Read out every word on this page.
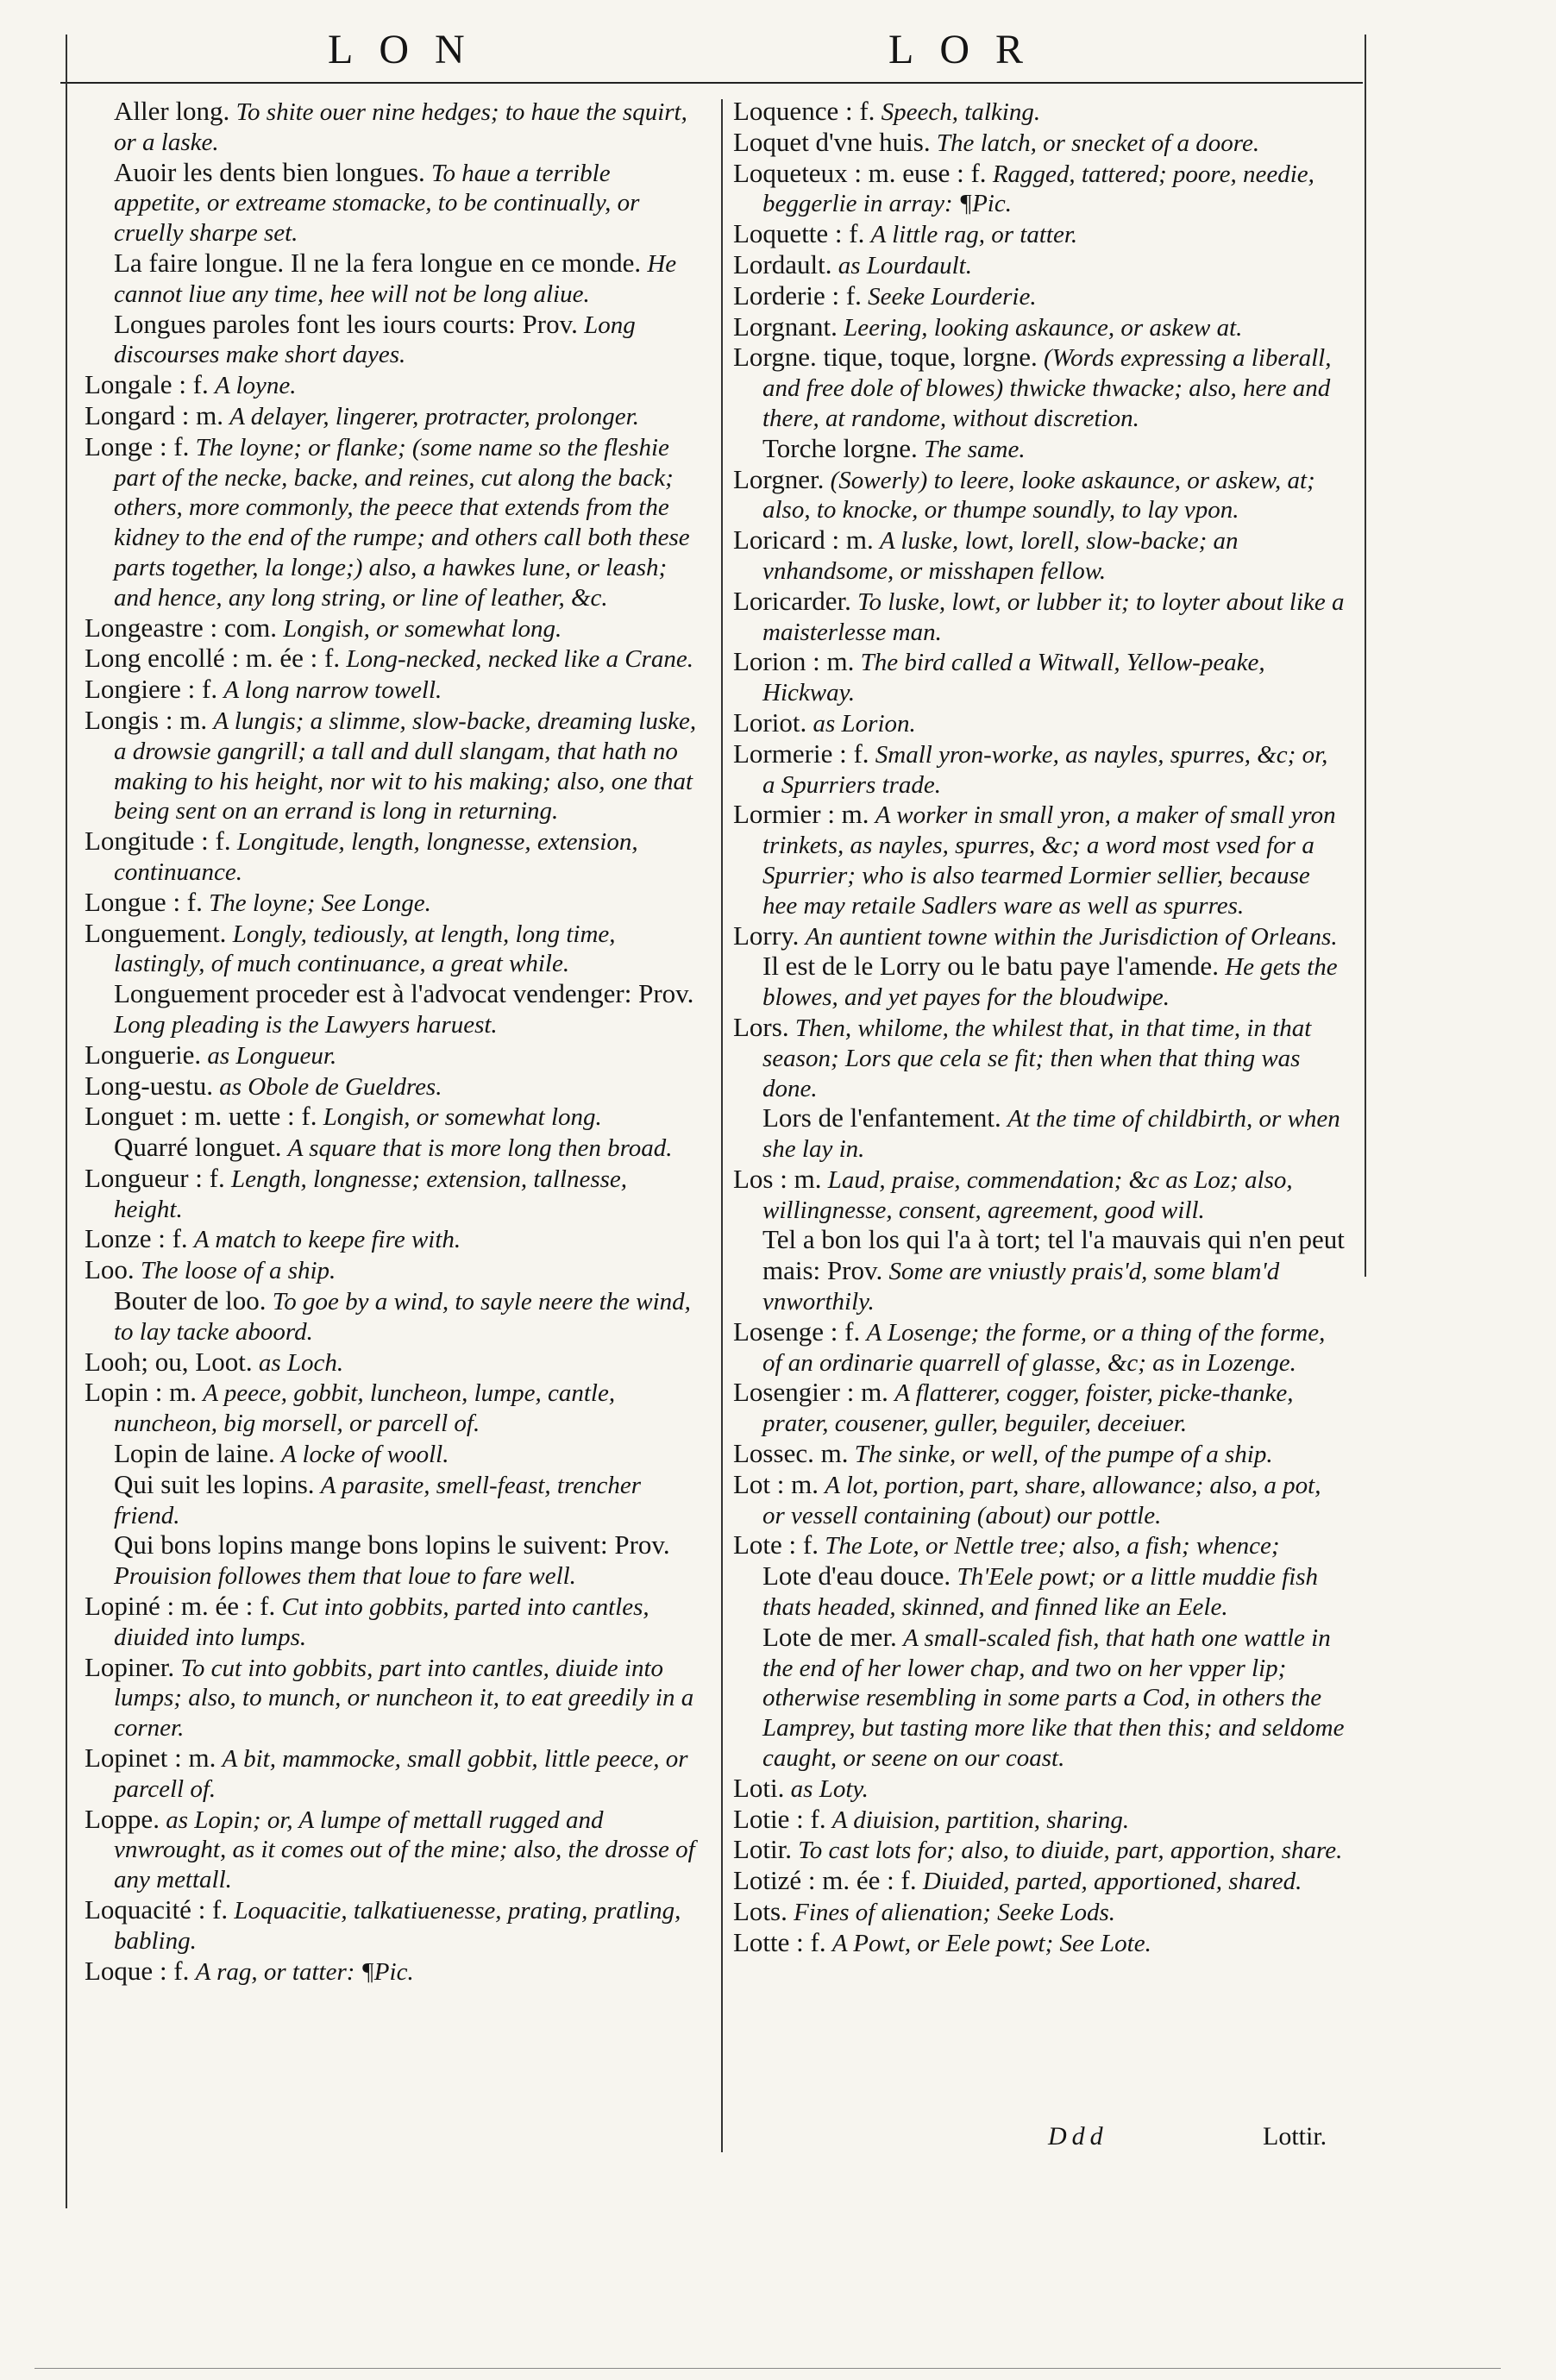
LON	LOR

Aller long. To shite ouer nine hedges; to haue the squirt, or a laske.

Auoir les dents bien longues. To haue a terrible appetite, or extreame stomacke, to be continually, or cruelly sharpe set.

La faire longue. Il ne la fera longue en ce monde. He cannot liue any time, hee will not be long aliue.

Longues paroles font les iours courts: Prov. Long discourses make short dayes.

Longale : f. A loyne.

Longard : m. A delayer, lingerer, protracter, prolonger.

Longe : f. The loyne; or flanke; (some name so the fleshie part of the necke, backe, and reines, cut along the back; others, more commonly, the peece that extends from the kidney to the end of the rumpe; and others call both these parts together, la longe;) also, a hawkes lune, or leash; and hence, any long string, or line of leather, &c.

Longeastre : com. Longish, or somewhat long.

Long encollé : m. ée : f. Long-necked, necked like a Crane.

Longiere : f. A long narrow towell.

Longis : m. A lungis; a slimme, slow-backe, dreaming luske, a drowsie gangrill; a tall and dull slangam, that hath no making to his height, nor wit to his making; also, one that being sent on an errand is long in returning.

Longitude : f. Longitude, length, longnesse, extension, continuance.

Longue : f. The loyne; See Longe.

Longuement. Longly, tediously, at length, long time, lastingly, of much continuance, a great while.

Longuement proceder est à l'advocat vendenger: Prov. Long pleading is the Lawyers haruest.

Longuerie. as Longueur.

Long-uestu. as Obole de Gueldres.

Longuet : m. uette : f. Longish, or somewhat long.

Quarré longuet. A square that is more long then broad.

Longueur : f. Length, longnesse; extension, tallnesse, height.

Lonze : f. A match to keepe fire with.

Loo. The loose of a ship.

Bouter de loo. To goe by a wind, to sayle neere the wind, to lay tacke aboord.

Looh; ou, Loot. as Loch.

Lopin : m. A peece, gobbit, luncheon, lumpe, cantle, nuncheon, big morsell, or parcell of.

Lopin de laine. A locke of wooll.

Qui suit les lopins. A parasite, smell-feast, trencher friend.

Qui bons lopins mange bons lopins le suivent: Prov. Prouision followes them that loue to fare well.

Lopiné : m. ée : f. Cut into gobbits, parted into cantles, diuided into lumps.

Lopiner. To cut into gobbits, part into cantles, diuide into lumps; also, to munch, or nuncheon it, to eat greedily in a corner.

Lopinet : m. A bit, mammocke, small gobbit, little peece, or parcell of.

Loppe. as Lopin; or, A lumpe of mettall rugged and vnwrought, as it comes out of the mine; also, the drosse of any mettall.

Loquacité : f. Loquacitie, talkatiuenesse, prating, pratling, babling.

Loque : f. A rag, or tatter: ¶Pic.

Loquence : f. Speech, talking.

Loquet d'vne huis. The latch, or snecket of a doore.

Loqueteux : m. euse : f. Ragged, tattered; poore, needie, beggerlie in array: ¶Pic.

Loquette : f. A little rag, or tatter.

Lordault. as Lourdault.

Lorderie : f. Seeke Lourderie.

Lorgnant. Leering, looking askaunce, or askew at.

Lorgne. tique, toque, lorgne. (Words expressing a liberall, and free dole of blowes) thwicke thwacke; also, here and there, at randome, without discretion.

Torche lorgne. The same.

Lorgner. (Sowerly) to leere, looke askaunce, or askew, at; also, to knocke, or thumpe soundly, to lay vpon.

Loricard : m. A luske, lowt, lorell, slow-backe; an vnhandsome, or misshapen fellow.

Loricarder. To luske, lowt, or lubber it; to loyter about like a maisterlesse man.

Lorion : m. The bird called a Witwall, Yellow-peake, Hickway.

Loriot. as Lorion.

Lormerie : f. Small yron-worke, as nayles, spurres, &c; or, a Spurriers trade.

Lormier : m. A worker in small yron, a maker of small yron trinkets, as nayles, spurres, &c; a word most vsed for a Spurrier; who is also tearmed Lormier sellier, because hee may retaile Sadlers ware as well as spurres.

Lorry. An auntient towne within the Jurisdiction of Orleans.

Il est de le Lorry ou le batu paye l'amende. He gets the blowes, and yet payes for the bloudwipe.

Lors. Then, whilome, the whilest that, in that time, in that season; Lors que cela se fit; then when that thing was done.

Lors de l'enfantement. At the time of childbirth, or when she lay in.

Los : m. Laud, praise, commendation; &c as Loz; also, willingnesse, consent, agreement, good will.

Tel a bon los qui l'a à tort; tel l'a mauvais qui n'en peut mais: Prov. Some are vniustly prais'd, some blam'd vnworthily.

Losenge : f. A Losenge; the forme, or a thing of the forme, of an ordinarie quarrell of glasse, &c; as in Lozenge.

Losengier : m. A flatterer, cogger, foister, picke-thanke, prater, cousener, guller, beguiler, deceiuer.

Lossec. m. The sinke, or well, of the pumpe of a ship.

Lot : m. A lot, portion, part, share, allowance; also, a pot, or vessell containing (about) our pottle.

Lote : f. The Lote, or Nettle tree; also, a fish; whence;

Lote d'eau douce. Th'Eele powt; or a little muddie fish thats headed, skinned, and finned like an Eele.

Lote de mer. A small-scaled fish, that hath one wattle in the end of her lower chap, and two on her vpper lip; otherwise resembling in some parts a Cod, in others the Lamprey, but tasting more like that then this; and seldome caught, or seene on our coast.

Loti. as Loty.

Lotie : f. A diuision, partition, sharing.

Lotir. To cast lots for; also, to diuide, part, apportion, share.

Lotizé : m. ée : f. Diuided, parted, apportioned, shared.

Lots. Fines of alienation; Seeke Lods.

Lotte : f. A Powt, or Eele powt; See Lote.

Ddd	Lottir.
